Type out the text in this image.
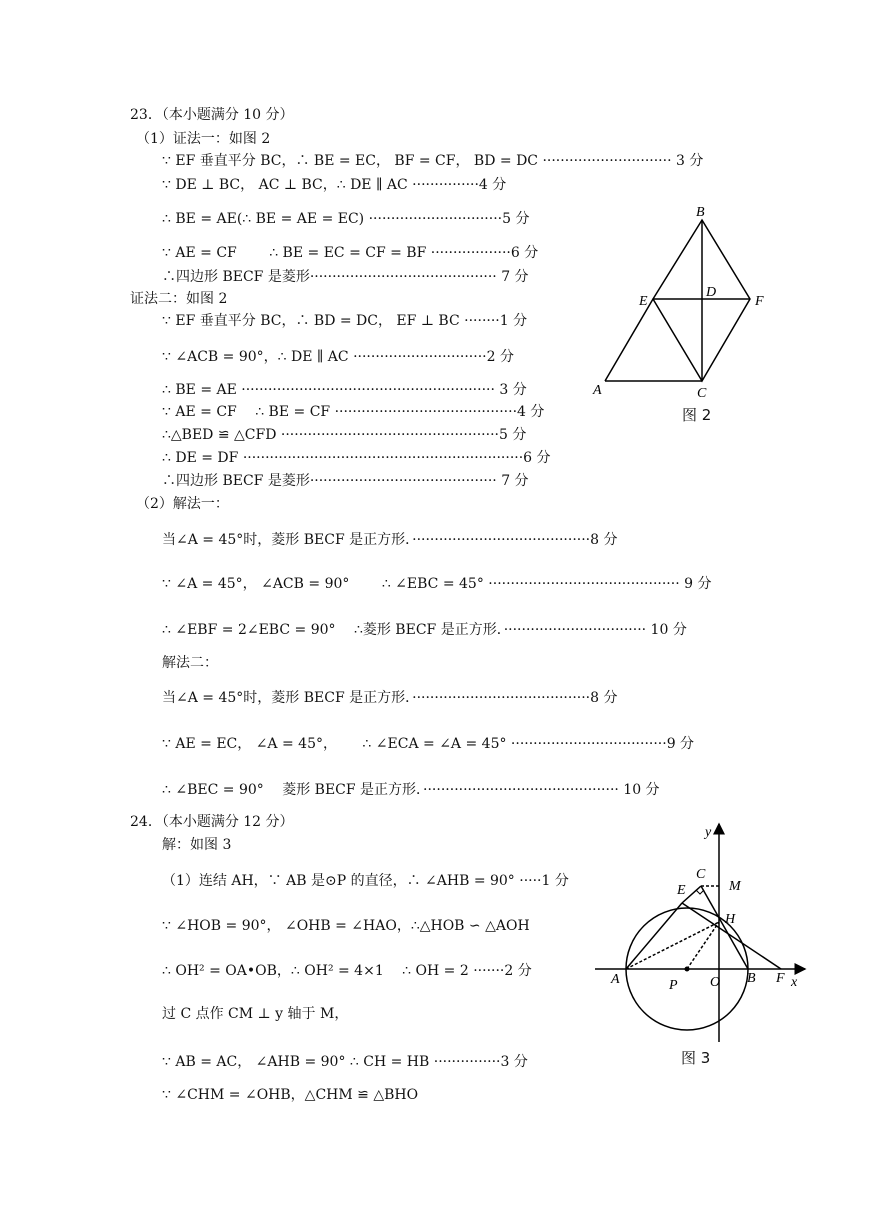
23．（本小题满分 10 分）
（1）证法一：如图 2
∵ EF 垂直平分 BC，∴ BE = EC， BF = CF， BD = DC ····························· 3 分
∵ DE ⊥ BC， AC ⊥ BC，∴ DE ∥ AC ···············4 分
∴ BE = AE(∴ BE = AE = EC) ······························5 分
∵ AE = CF　　 ∴ BE = EC = CF = BF ··················6 分
∴四边形 BECF 是菱形·········································· 7 分
证法二：如图 2
∵ EF 垂直平分 BC，∴ BD = DC， EF ⊥ BC ········1 分
∵ ∠ACB = 90°，∴ DE ∥ AC ······························2 分
∴ BE = AE ························································· 3 分
∵ AE = CF　 ∴ BE = CF ·········································4 分
∴△BED ≌ △CFD ·················································5 分
∴ DE = DF ·······························································6 分
∴四边形 BECF 是菱形·········································· 7 分
（2）解法一：
当∠A = 45°时，菱形 BECF 是正方形．········································8 分
∵ ∠A = 45°， ∠ACB = 90°　　 ∴ ∠EBC = 45° ··········································· 9 分
∴ ∠EBF = 2∠EBC = 90°　 ∴菱形 BECF 是正方形．································ 10 分
解法二：
当∠A = 45°时，菱形 BECF 是正方形．········································8 分
∵ AE = EC， ∠A = 45°，　　 ∴ ∠ECA = ∠A = 45° ···································9 分
∴ ∠BEC = 90°　 菱形 BECF 是正方形．············································ 10 分
24．（本小题满分 12 分）
解：如图 3
（1）连结 AH，∵ AB 是⊙P 的直径，∴ ∠AHB = 90° ·····1 分
∵ ∠HOB = 90°， ∠OHB = ∠HAO，∴△HOB ∽ △AOH
∴ OH² = OA•OB，∴ OH² = 4×1　 ∴ OH = 2 ·······2 分
过 C 点作 CM ⊥ y 轴于 M，
∵ AB = AC， ∠AHB = 90° ∴ CH = HB ···············3 分
∵ ∠CHM = ∠OHB，△CHM ≌ △BHO
B
E
D
F
A	C
图 2
y
C
E	M
H
A	P O B F x
图 3
